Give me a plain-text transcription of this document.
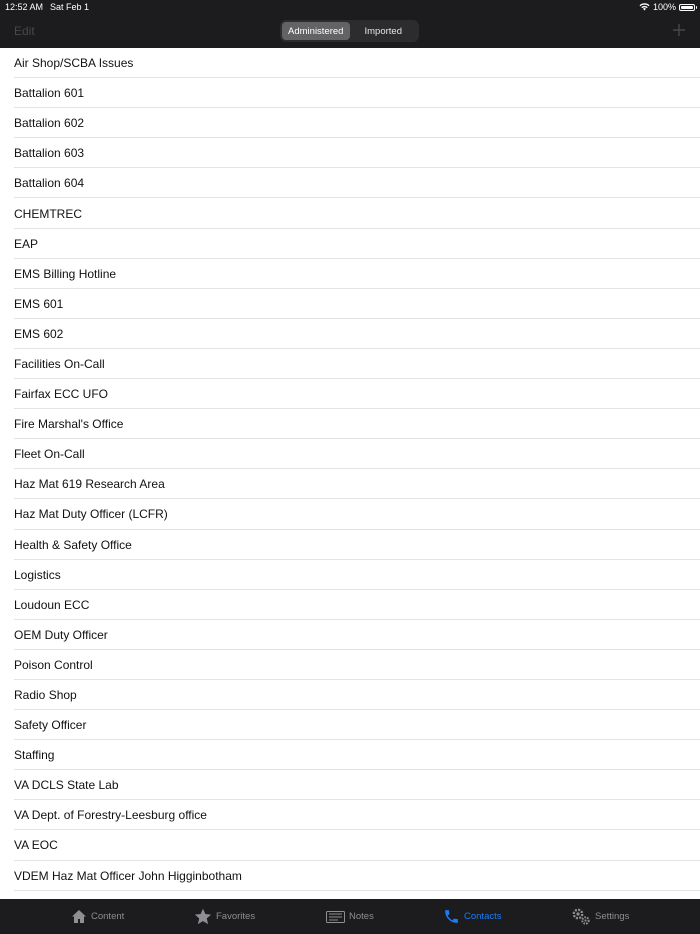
12:52 AM Sat Feb 1	100%
Edit	Administered	Imported
Air Shop/SCBA Issues
Battalion 601
Battalion 602
Battalion 603
Battalion 604
CHEMTREC
EAP
EMS Billing Hotline
EMS 601
EMS 602
Facilities On-Call
Fairfax ECC UFO
Fire Marshal's Office
Fleet On-Call
Haz Mat 619 Research Area
Haz Mat Duty Officer (LCFR)
Health & Safety Office
Logistics
Loudoun ECC
OEM Duty Officer
Poison Control
Radio Shop
Safety Officer
Staffing
VA DCLS State Lab
VA Dept. of Forestry-Leesburg office
VA EOC
VDEM Haz Mat Officer John Higginbotham
Content	Favorites	Notes	Contacts	Settings
